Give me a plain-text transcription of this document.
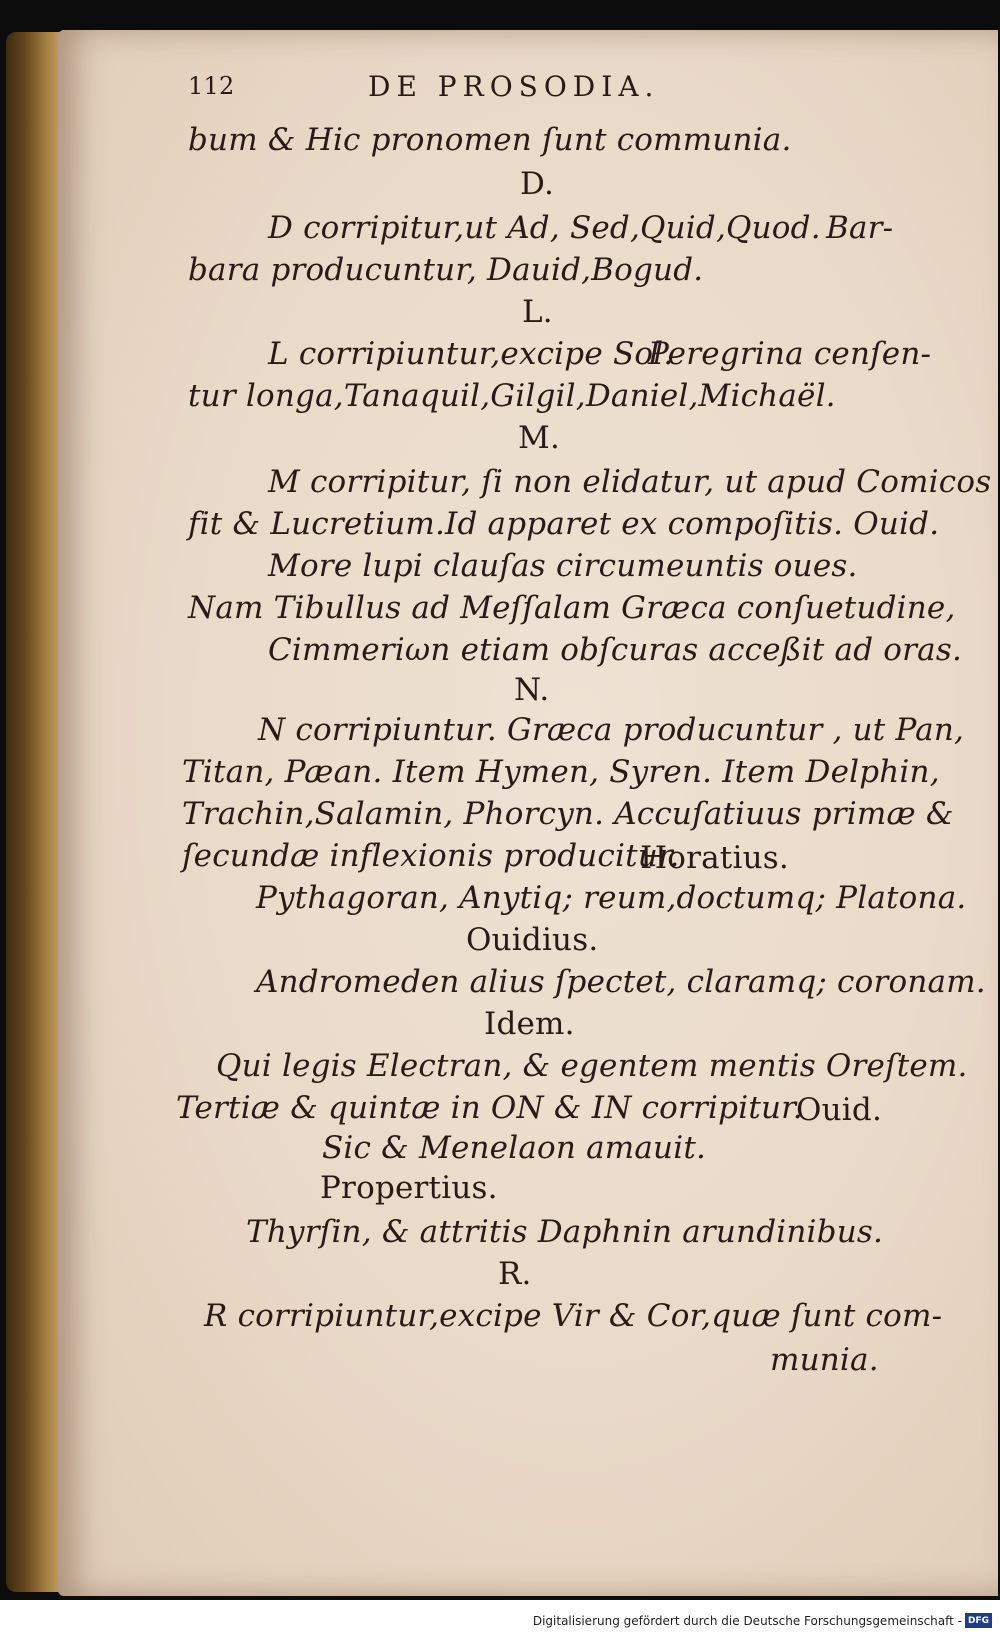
112	DE PROSODIA.
bum & Hic pronomen ſunt communia.
D.
D corripitur,ut Ad, Sed,Quid,Quod. Bar-
bara producuntur, Dauid,Bogud.
L.
L corripiuntur,excipe Sol.
Peregrina cenſen-
tur longa,Tanaquil,Gilgil,Daniel,Michaël.
M.
M corripitur, ſi non elidatur, ut apud Comicos
fit & Lucretium.Id apparet ex compoſitis. Ouid.
More lupi clauſas circumeuntis oues.
Nam Tibullus ad Meſſalam Græca conſuetudine,
Cimmeriωn etiam obſcuras acceßit ad oras.
N.
N corripiuntur. Græca producuntur , ut Pan,
Titan, Pæan. Item Hymen, Syren. Item Delphin,
Trachin,Salamin, Phorcyn. Accuſatiuus primæ &
ſecundæ inflexionis producitur.
Horatius.
Pythagoran, Anytiq; reum,doctumq; Platona.
Ouidius.
Andromeden alius ſpectet, claramq; coronam.
Idem.
Qui legis Electran, & egentem mentis Oreſtem.
Tertiæ & quintæ in ON & IN corripitur.
Ouid.
Sic & Menelaon amauit.
Propertius.
Thyrſin, & attritis Daphnin arundinibus.
R.
R corripiuntur,excipe Vir & Cor,quæ ſunt com-
munia.
Digitalisierung gefördert durch die Deutsche Forschungsgemeinschaft - DFG
